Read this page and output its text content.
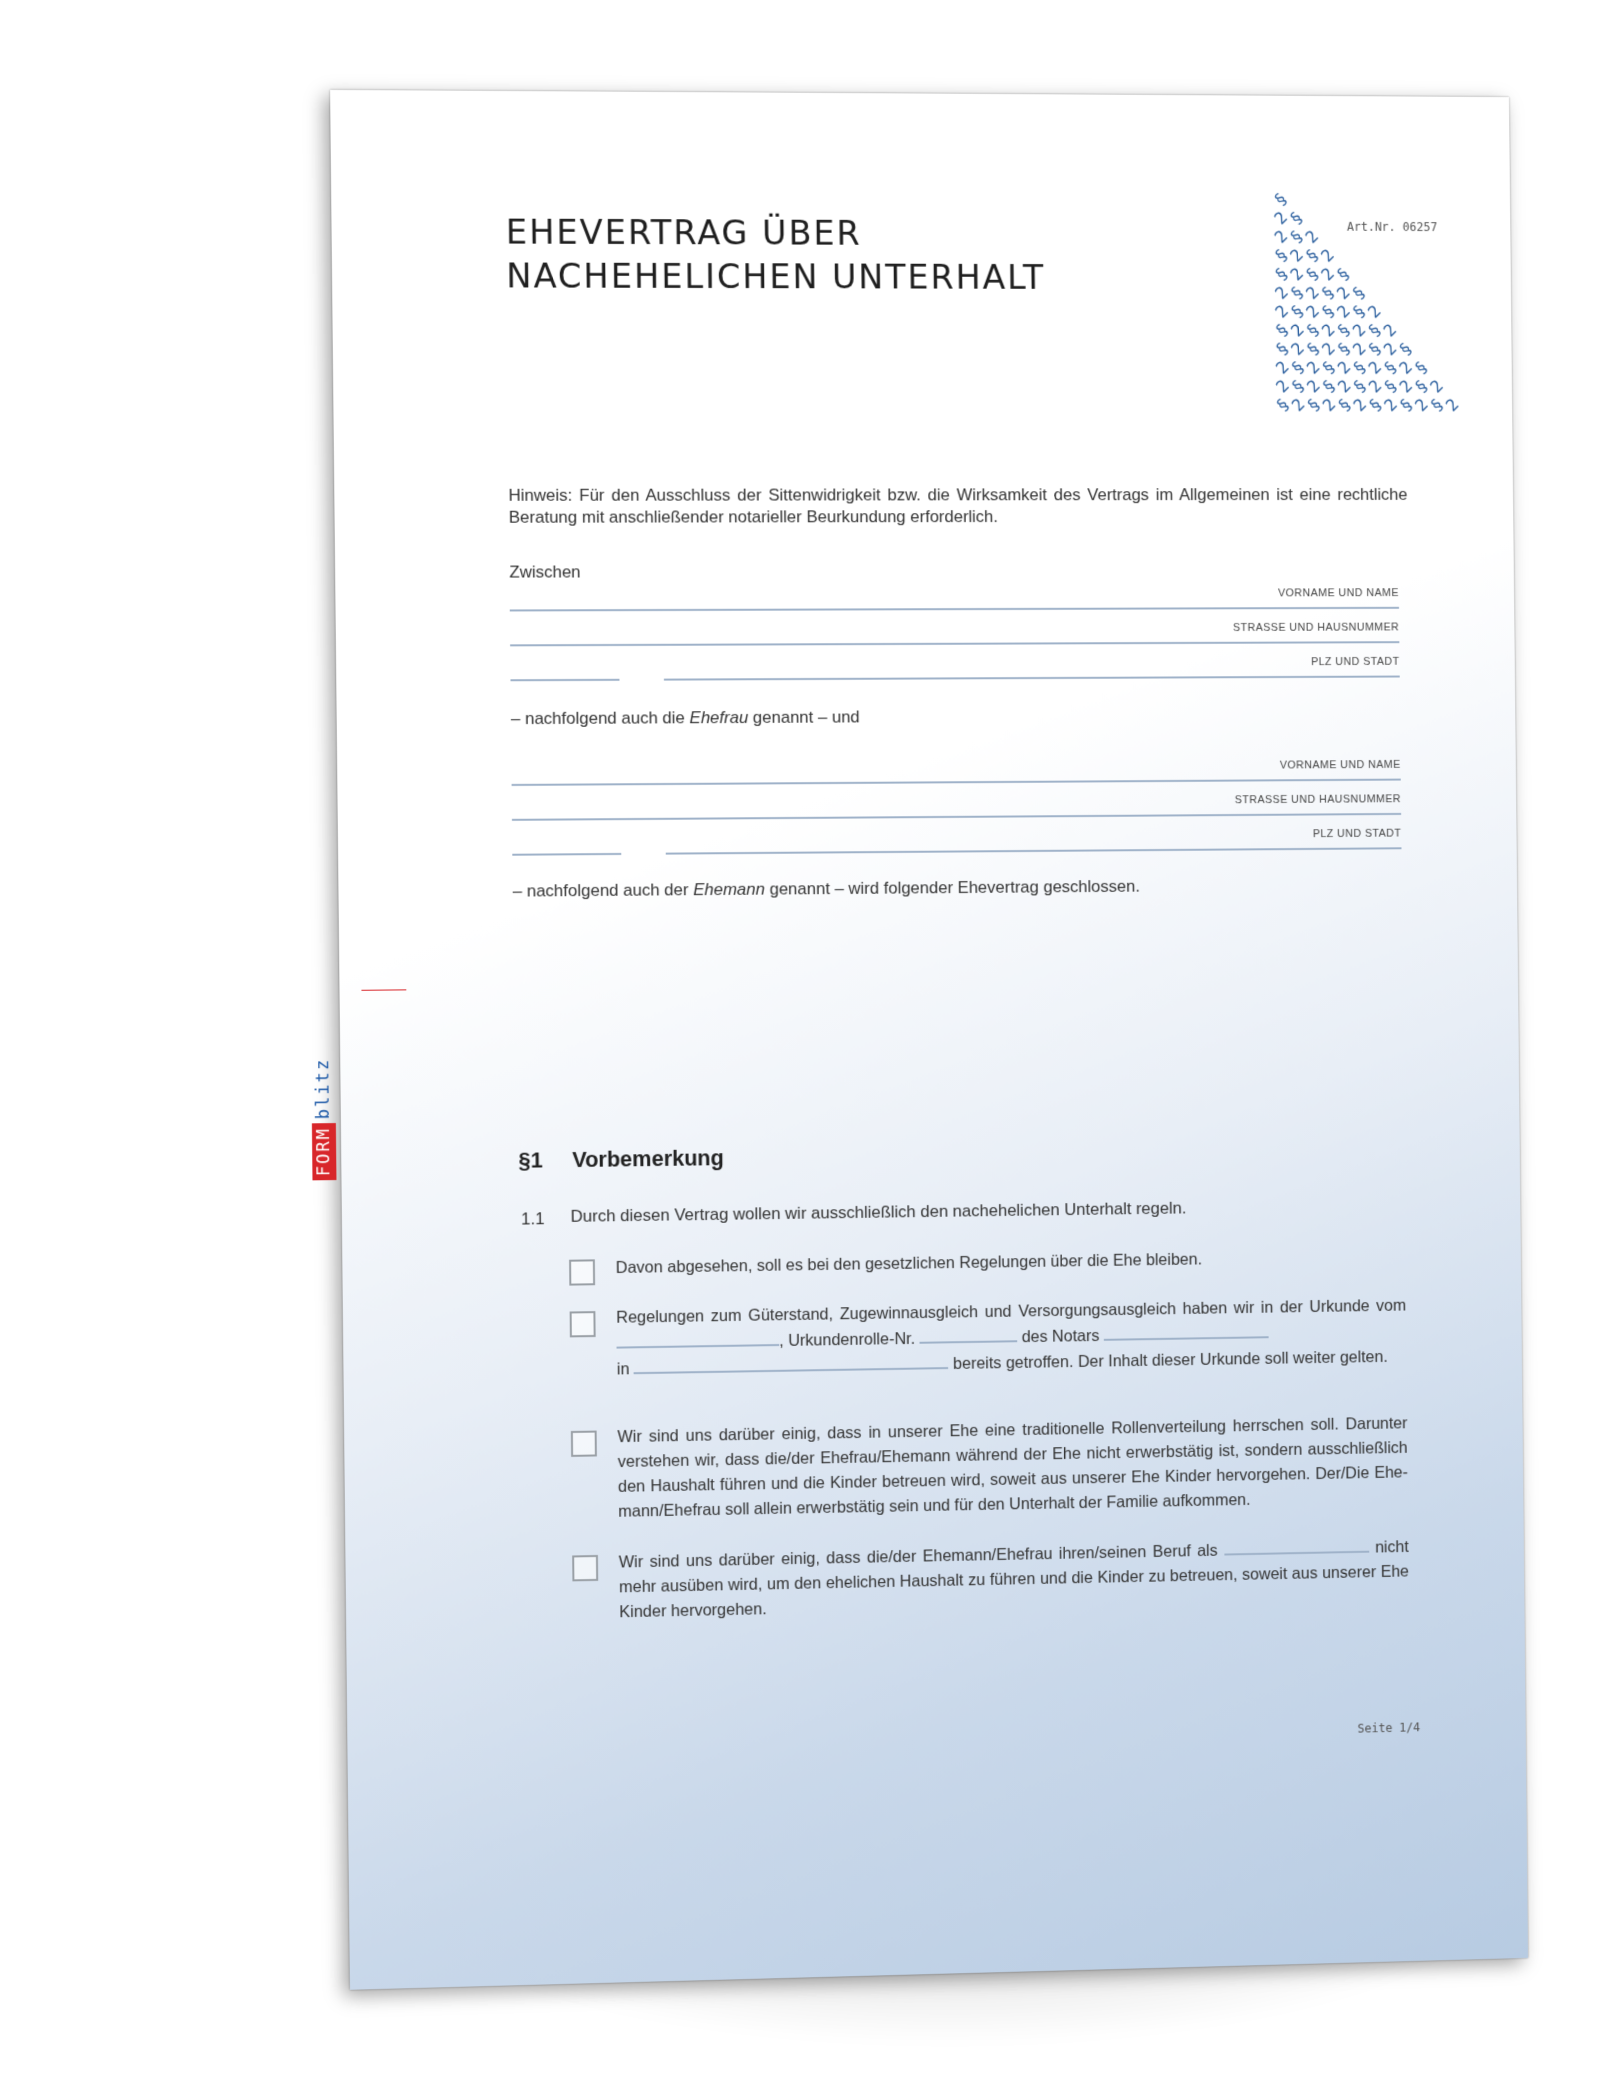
EHEVERTRAG ÜBER
NACHEHELICHEN UNTERHALT
Art.Nr. 06257
§
2
§
2
§
2
§
2
§
2
§
2
§
2
§
2
§
2
§
2
§
2
§
2
§
2
§
2
§
2
§
2
§
2
§
2
§
2
§
2
§
2
§
2
§
2
§
2
§
2
§
2
§
2
§
2
§
2
§
2
§
2
§
2
§
2
§
2
§
2
§
2
§
2
§
2
§
2
Hinweis: Für den Ausschluss der Sittenwidrigkeit bzw. die Wirksamkeit des Vertrags im Allgemeinen ist eine rechtliche Beratung mit anschließender notarieller Beurkundung erforderlich.
Zwischen
VORNAME UND NAME
STRASSE UND HAUSNUMMER
PLZ UND STADT
– nachfolgend auch die Ehefrau genannt – und
VORNAME UND NAME
STRASSE UND HAUSNUMMER
PLZ UND STADT
– nachfolgend auch der Ehemann genannt – wird folgender Ehevertrag geschlossen.
§1 Vorbemerkung
1.1 Durch diesen Vertrag wollen wir ausschließlich den nachehelichen Unterhalt regeln.
Davon abgesehen, soll es bei den gesetzlichen Regelungen über die Ehe bleiben.
Regelungen zum Güterstand, Zugewinnausgleich und Versorgungsausgleich haben wir in der Urkunde vom , Urkundenrolle-Nr.	des Notars
in	bereits getroffen. Der Inhalt dieser Urkunde soll weiter gelten.
Wir sind uns darüber einig, dass in unserer Ehe eine traditionelle Rollenverteilung herrschen soll. Darunter verstehen wir, dass die/der Ehefrau/Ehemann während der Ehe nicht erwerbstätig ist, sondern ausschließlich den Haushalt führen und die Kinder betreuen wird, soweit aus unserer Ehe Kinder hervorgehen. Der/Die Ehe-mann/Ehefrau soll allein erwerbstätig sein und für den Unterhalt der Familie aufkommen.
Wir sind uns darüber einig, dass die/der Ehemann/Ehefrau ihren/seinen Beruf als	nicht mehr ausüben wird, um den ehelichen Haushalt zu führen und die Kinder zu betreuen, soweit aus unserer Ehe Kinder hervorgehen.
Seite 1/4
FORM
blitz
